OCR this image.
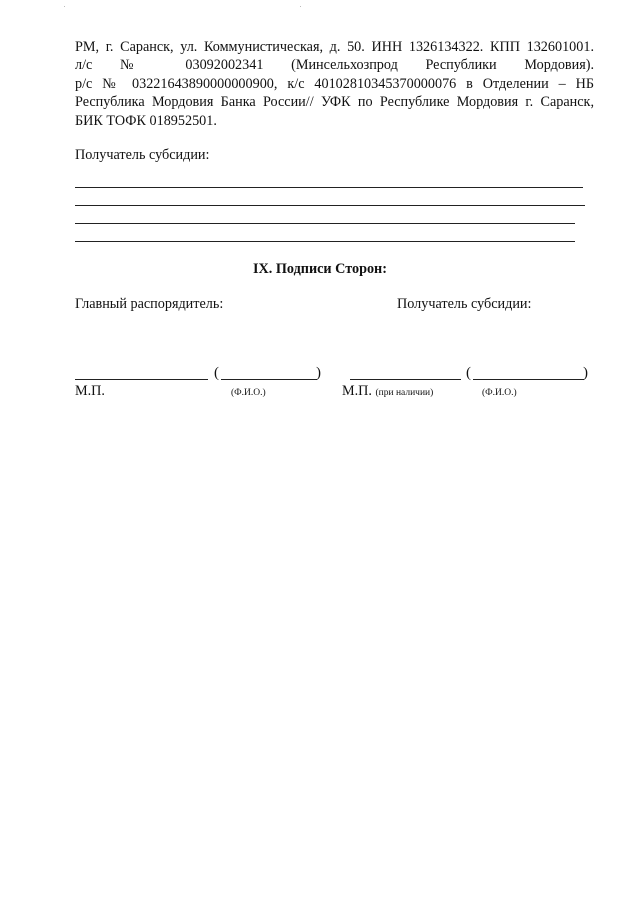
РМ, г. Саранск, ул. Коммунистическая, д. 50. ИНН 1326134322. КПП 132601001.
л/с № 03092002341 (Минсельхозпрод Республики Мордовия).
р/с № 03221643890000000900, к/с 40102810345370000076 в Отделении – НБ
Республика Мордовия Банка России// УФК по Республике Мордовия г. Саранск,
БИК ТОФК 018952501.
Получатель субсидии:
IX. Подписи Сторон:
Главный распорядитель:	Получатель субсидии:
(	)	(	)
М.П.	(Ф.И.О.)	М.П. (при наличии)	(Ф.И.О.)
